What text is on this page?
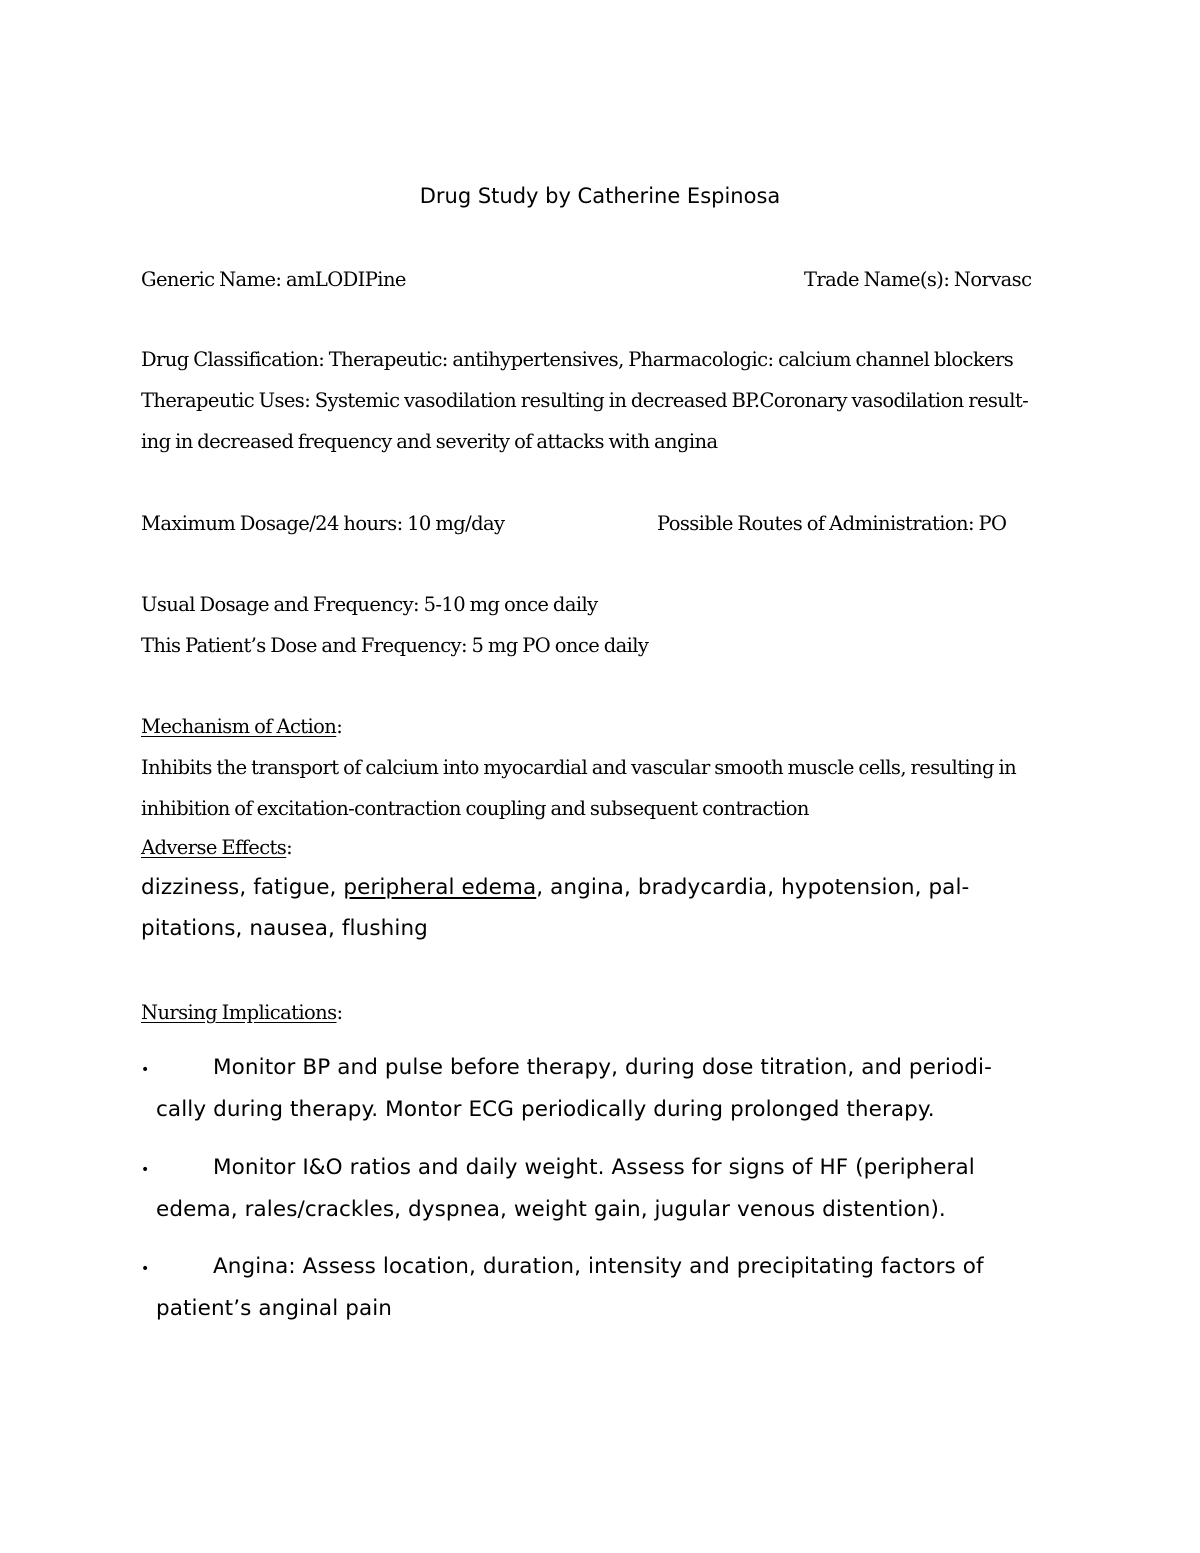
Drug Study by Catherine Espinosa
Generic Name: amLODIPine	Trade Name(s): Norvasc
Drug Classification: Therapeutic: antihypertensives, Pharmacologic: calcium channel blockers
Therapeutic Uses: Systemic vasodilation resulting in decreased BP.Coronary vasodilation result-
ing in decreased frequency and severity of attacks with angina
Maximum Dosage/24 hours: 10 mg/day	Possible Routes of Administration: PO
Usual Dosage and Frequency: 5-10 mg once daily
This Patient’s Dose and Frequency: 5 mg PO once daily
Mechanism of Action:
Inhibits the transport of calcium into myocardial and vascular smooth muscle cells, resulting in
inhibition of excitation-contraction coupling and subsequent contraction
Adverse Effects:
dizziness, fatigue, peripheral edema, angina, bradycardia, hypotension, pal-
pitations, nausea, flushing
Nursing Implications:
•	Monitor BP and pulse before therapy, during dose titration, and periodi-
cally during therapy. Montor ECG periodically during prolonged therapy.
•	Monitor I&O ratios and daily weight. Assess for signs of HF (peripheral
edema, rales/crackles, dyspnea, weight gain, jugular venous distention).
•	Angina: Assess location, duration, intensity and precipitating factors of
patient’s anginal pain
